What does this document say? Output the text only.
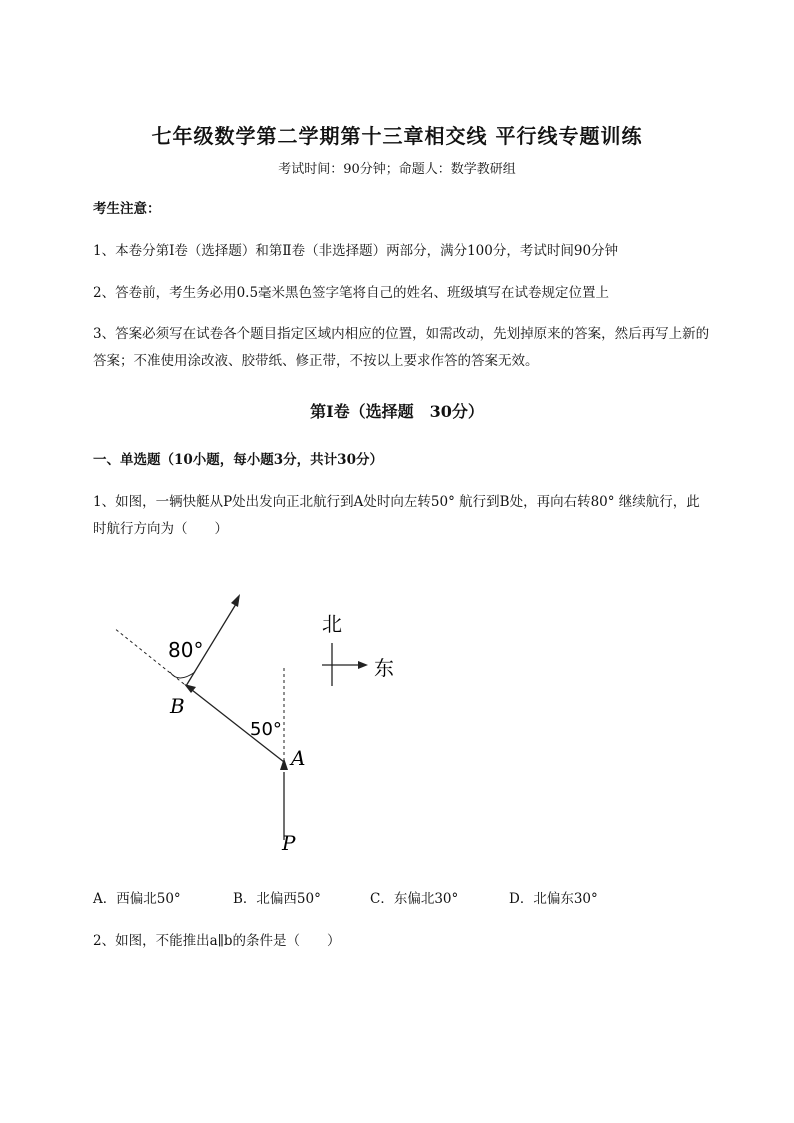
七年级数学第二学期第十三章相交线 平行线专题训练
考试时间：90分钟；命题人：数学教研组
考生注意：
1、本卷分第I卷（选择题）和第Ⅱ卷（非选择题）两部分，满分100分，考试时间90分钟
2、答卷前，考生务必用0.5毫米黑色签字笔将自己的姓名、班级填写在试卷规定位置上
3、答案必须写在试卷各个题目指定区域内相应的位置，如需改动，先划掉原来的答案，然后再写上新的答案；不准使用涂改液、胶带纸、修正带，不按以上要求作答的答案无效。
第I卷（选择题　30分）
一、单选题（10小题，每小题3分，共计30分）
1、如图，一辆快艇从P处出发向正北航行到A处时向左转50° 航行到B处，再向右转80° 继续航行，此时航行方向为（　　）
北
东
80°
50°
B
A
P
A．西偏北50°	B．北偏西50°	C．东偏北30°	D．北偏东30°
2、如图，不能推出a∥b的条件是（　　）
